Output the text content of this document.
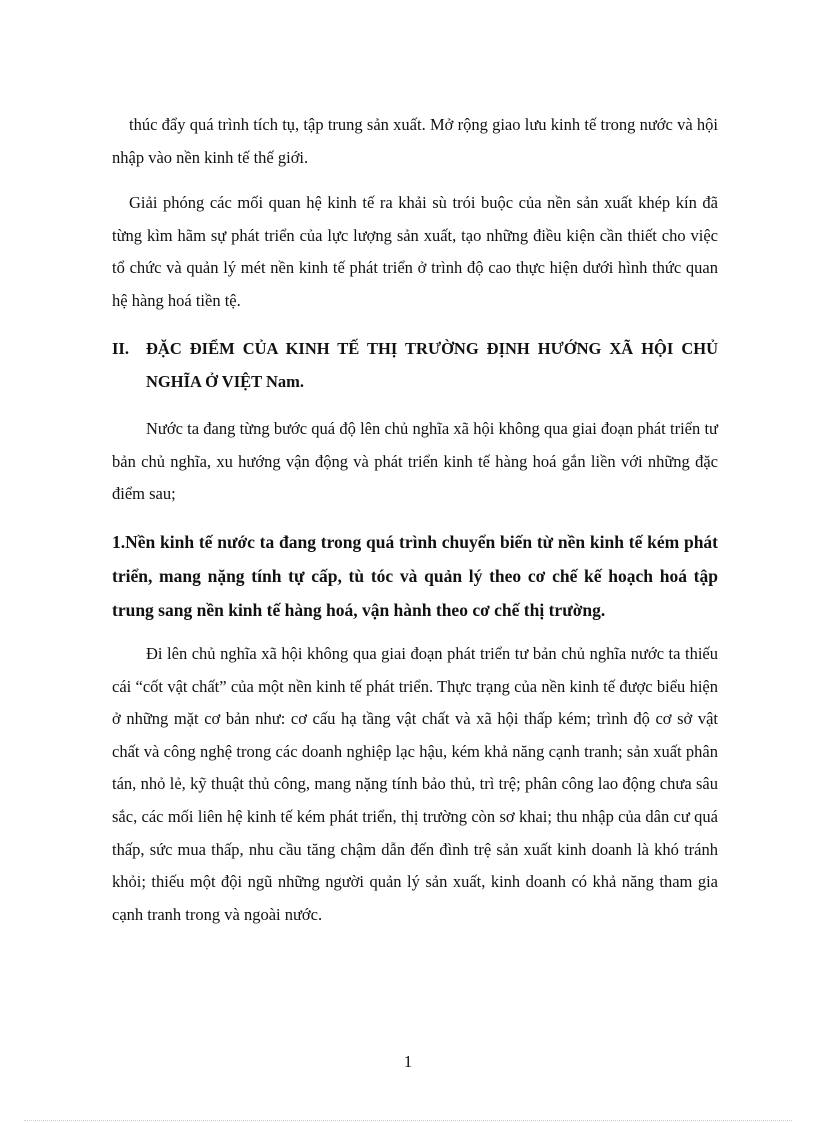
thúc đẩy quá trình tích tụ, tập trung sản xuất. Mở rộng giao lưu kinh tế trong nước và hội nhập vào nền kinh tế thế giới.

Giải phóng các mối quan hệ kinh tế ra khải sù trói buộc của nền sản xuất khép kín đã từng kìm hãm sự phát triển của lực lượng sản xuất, tạo những điều kiện cần thiết cho việc tổ chức và quản lý mét nền kinh tế phát triển ở trình độ cao thực hiện dưới hình thức quan hệ hàng hoá tiền tệ.

II. ĐẶC ĐIỂM CỦA KINH TẾ THỊ TRƯỜNG ĐỊNH HƯỚNG XÃ HỘI CHỦ NGHĨA Ở VIỆT Nam.

Nước ta đang từng bước quá độ lên chủ nghĩa xã hội không qua giai đoạn phát triển tư bản chủ nghĩa, xu hướng vận động và phát triển kinh tế hàng hoá gắn liền với những đặc điểm sau;

1.Nền kinh tế nước ta đang trong quá trình chuyển biến từ nền kinh tế kém phát triển, mang nặng tính tự cấp, tù tóc và quản lý theo cơ chế kế hoạch hoá tập trung sang nền kinh tế hàng hoá, vận hành theo cơ chế thị trường.

Đi lên chủ nghĩa xã hội không qua giai đoạn phát triển tư bản chủ nghĩa nước ta thiếu cái “cốt vật chất” của một nền kinh tế phát triển. Thực trạng của nền kinh tế được biểu hiện ở những mặt cơ bản như: cơ cấu hạ tầng vật chất và xã hội thấp kém; trình độ cơ sở vật chất và công nghệ trong các doanh nghiệp lạc hậu, kém khả năng cạnh tranh; sản xuất phân tán, nhỏ lẻ, kỹ thuật thủ công, mang nặng tính bảo thủ, trì trệ; phân công lao động chưa sâu sắc, các mối liên hệ kinh tế kém phát triển, thị trường còn sơ khai; thu nhập của dân cư quá thấp, sức mua thấp, nhu cầu tăng chậm dẫn đến đình trệ sản xuất kinh doanh là khó tránh khỏi; thiếu một đội ngũ những người quản lý sản xuất, kinh doanh có khả năng tham gia cạnh tranh trong và ngoài nước.

1
